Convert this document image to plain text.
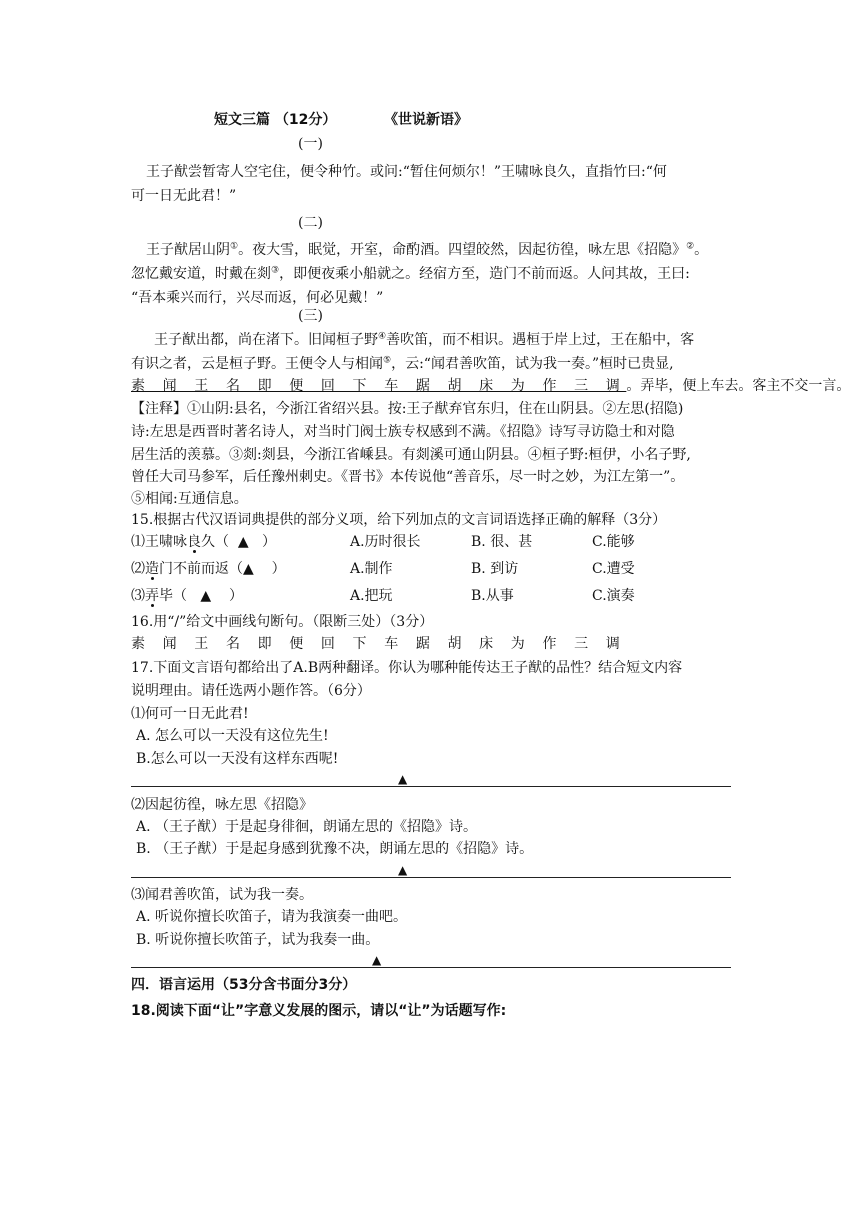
短文三篇 （12分）	《世说新语》
(一)
王子猷尝暂寄人空宅住，便令种竹。或问:“暂住何烦尔！”王啸咏良久，直指竹曰:“何
可一日无此君！”
(二)
王子猷居山阴①。夜大雪，眠觉，开室，命酌酒。四望皎然，因起彷徨，咏左思《招隐》②。
忽忆戴安道，时戴在剡③，即便夜乘小船就之。经宿方至，造门不前而返。人问其故，王曰:
“吾本乘兴而行，兴尽而返，何必见戴！”
(三)
王子猷出都，尚在渚下。旧闻桓子野④善吹笛，而不相识。遇桓于岸上过，王在船中，客
有识之者，云是桓子野。王便令人与相闻⑤，云:“闻君善吹笛，试为我一奏。”桓时已贵显,
素 闻 王 名 即 便 回 下 车 踞 胡 床 为 作 三 调。弄毕，便上车去。客主不交一言。
【注释】①山阴:县名，今浙江省绍兴县。按:王子猷弃官东归，住在山阴县。②左思(招隐)
诗:左思是西晋时著名诗人，对当时门阀士族专权感到不满。《招隐》诗写寻访隐士和对隐
居生活的羡慕。③剡:剡县，今浙江省嵊县。有剡溪可通山阴县。④桓子野:桓伊，小名子野,
曾任大司马参军，后任豫州刺史。《晋书》本传说他“善音乐，尽一时之妙，为江左第一”。
⑤相闻:互通信息。
15.根据古代汉语词典提供的部分义项，给下列加点的文言词语选择正确的解释（3分）
⑴王啸咏良久（ ▲ ）	A.历时很长	B. 很、甚	C.能够
⑵造门不前而返（▲ ）	A.制作	B. 到访	C.遭受
⑶弄毕（ ▲ ）	A.把玩	B.从事	C.演奏
16.用“/”给文中画线句断句。（限断三处）（3分）
素 闻 王 名 即 便 回 下 车 踞 胡 床 为 作 三 调
17.下面文言语句都给出了A.B两种翻译。你认为哪种能传达王子猷的品性？结合短文内容
说明理由。请任选两小题作答。（6分）
⑴何可一日无此君!
A. 怎么可以一天没有这位先生!
B.怎么可以一天没有这样东西呢!
▲
⑵因起彷徨，咏左思《招隐》
A. （王子猷）于是起身徘徊，朗诵左思的《招隐》诗。
B. （王子猷）于是起身感到犹豫不决，朗诵左思的《招隐》诗。
▲
⑶闻君善吹笛，试为我一奏。
A. 听说你擅长吹笛子，请为我演奏一曲吧。
B. 听说你擅长吹笛子，试为我奏一曲。
▲
四．语言运用（53分含书面分3分）
18.阅读下面“让”字意义发展的图示，请以“让”为话题写作:
